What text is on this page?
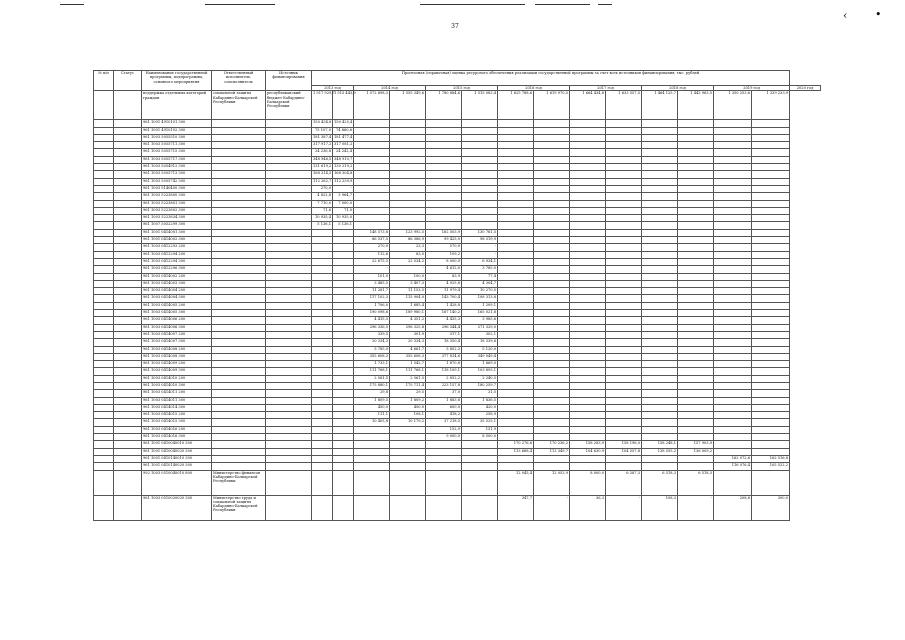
‹	•
37
№ п/п	Статус	Наименование государственной программы, подпрограммы, основного мероприятия	Ответственный исполнитель, соисполнитель	Источник финансирования	Прогнозная (справочная) оценка ресурсного обеспечения реализации государственной программы за счет всех источников финансирования, тыс. рублей														
					2013 год		2014 год		2015 год		2016 год		2017 год		2018 год		2019 год		2020 год
		поддержка отдельных категорий граждан	социальной защиты Кабардино-Балкарской Республики	республиканский бюджет Кабардино-Балкарской Республики	1 517 929,7	1 515 443,9	1 572 898,3	1 555 349,6	1 780 884,6	1 515 083,4	1 625 788,6	1 619 970,5	1 664 434,8	1 633 557,5	1 464 125,7	1 443 963,5	1 350 253,6	1 339 233,9	
		961 1001 4910101 300			150 434,8	150 425,4													
		961 1001 4910102 300			75 107,0	74 860,6													
		961 1003 5055510 300			181 387,4	181 477,4													
		961 1003 5055711 300			317 917,2	317 081,2													
		961 1003 5055715 300			24 236,8	24 242,4													
		961 1003 5055717 300			348 946,5	348 910,7													
		961 1003 5054912 300			131 619,2	130 219,2													
		961 1003 5055713 300			168 314,5	168 304,8													
		961 1003 5055742 300			112 262,7	112 239,9													
		961 1003 5140400 300			270,0	-													
		961 1003 5223800 300			4 822,8	3 964,7													
		961 1003 5223801 300			7 710,0	7 000,0													
		961 1003 5223802 300			71,6	71,0													
		961 1003 5223834 300			10 935,4	10 935,0													
		961 1007 5052299 300			5 136,1	5 136,1													
		961 1001 0414001 300					148 573,8	123 992,5	162 503,9	130 761,5									
		961 1001 0414002 300					86 537,5	86 386,9	99 425,0	98 319,9									
		961 1003 0412293 200					270,0	23,3	570,0	-									
		961 1003 0412294 200					112,6	83,0	109,2	-									
		961 1003 0412294 300					22 675,5	22 534,2	8 000,0	6 934,1									
		961 1003 0412296 300					-	-	4 612,0	3 785,0									
		961 1003 0414002 200					101,0	100,0	83,9	77,4									
		961 1003 0414003 300					3 485,5	3 407,3	4 925,8	4 304,7									
		961 1003 0414004 200					11 281,7	11 153,5	11 979,4	10 270,5									
		961 1003 0414004 300					117 102,3	115 904,0	143 700,4	108 313,8									
		961 1003 0414005 200					1 706,0	1 685,4	1 428,8	1 209,1									
		961 1003 0414005 300					190 098,6	189 980,1	167 140,2	165 021,8									
		961 1003 0414006 200					4 415,5	4 351,2	4 435,3	3 985,6									
		961 1003 0414006 300					296 336,5	296 325,8	296 344,4	271 329,0									
		961 1003 0414007 200					339,5	301,9	317,1	302,1									
		961 1003 0414007 300					20 334,3	20 334,3	18 350,4	18 339,6									
		961 1003 0414008 200					5 785,0	4 661,7	5 852,3	5 120,0									
		961 1003 0414008 300					355 608,3	355 608,3	377 814,6	349 049,4									
		961 1003 0414009 200					1 733,1	1 542,7	1 870,8	1 669,0									
		961 1003 0414009 300					111 768,1	111 768,1	118 109,1	103 893,1									
		961 1003 0414010 200					2 561,5	2 561,5	2 852,2	2 240,5									
		961 1003 0414010 300					175 880,1	175 711,4	223 157,8	180 259,7									
		961 1003 0414011 200					29,8	29,5	37,0	31,5									
		961 1003 0414011 300					1 809,5	1 809,2	1 883,8	1 836,5									
		961 1003 0414014 300					450,0	450,0	600,0	420,0									
		961 1003 0414015 200					111,1	108,1	418,2	258,9									
		961 1003 0414015 300					10 405,8	10 179,2	37 218,5	35 525,1									
		961 1003 0414016 200							152,0	151,9									
		961 1003 0414016 300							9 000,0	8 500,0									
		961 1001 0410040010 300									170 276,6	170 236,2	158 283,9	158 196,0	158 248,1	157 903,9			
		961 1001 0410040020 300									113 668,4	113 349,7	104 630,9	104 557,8	138 555,2	136 009,2			
		961 1001 0410140010 300															162 072,6	162 516,8	
		961 1001 0410140020 300															116 076,4	105 522,2	
		992 1003 0510040010 800	Министерство финансов Кабардино-Балкарской Республики								12 045,4	12 053,9	8 000,0	6 287,3	6 518,3	6 518,3			
		961 1003 0510020020 300	Министерство труда и социальной защиты Кабардино-Балкарской Республики								347,7	-	36,3	-	108,3	-	208,6	300,0	
